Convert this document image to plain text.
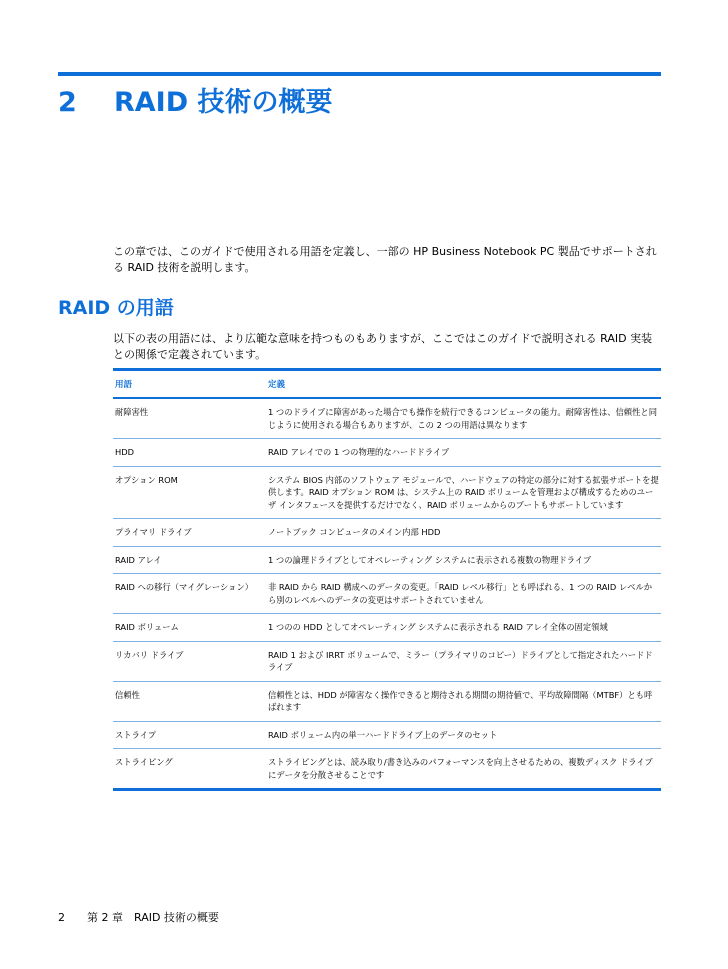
2 RAID 技術の概要
この章では、このガイドで使用される用語を定義し、一部の HP Business Notebook PC 製品でサポートされる RAID 技術を説明します。
RAID の用語
以下の表の用語には、より広範な意味を持つものもありますが、ここではこのガイドで説明される RAID 実装との関係で定義されています。
用語	定義
耐障害性	1 つのドライブに障害があった場合でも操作を続行できるコンピュータの能力。耐障害性は、信頼性と同じように使用される場合もありますが、この 2 つの用語は異なります
HDD	RAID アレイでの 1 つの物理的なハードドライブ
オプション ROM	システム BIOS 内部のソフトウェア モジュールで、ハードウェアの特定の部分に対する拡張サポートを提供します。RAID オプション ROM は、システム上の RAID ボリュームを管理および構成するためのユーザ インタフェースを提供するだけでなく、RAID ボリュームからのブートもサポートしています
プライマリ ドライブ	ノートブック コンピュータのメイン内部 HDD
RAID アレイ	1 つの論理ドライブとしてオペレーティング システムに表示される複数の物理ドライブ
RAID への移行（マイグレーション）	非 RAID から RAID 構成へのデータの変更。「RAID レベル移行」とも呼ばれる、1 つの RAID レベルから別のレベルへのデータの変更はサポートされていません
RAID ボリューム	1 つのの HDD としてオペレーティング システムに表示される RAID アレイ全体の固定領域
リカバリ ドライブ	RAID 1 および IRRT ボリュームで、ミラー（プライマリのコピー）ドライブとして指定されたハードドライブ
信頼性	信頼性とは、HDD が障害なく操作できると期待される期間の期待値で、平均故障間隔（MTBF）とも呼ばれます
ストライプ	RAID ボリューム内の単一ハードドライブ上のデータのセット
ストライピング	ストライピングとは、読み取り/書き込みのパフォーマンスを向上させるための、複数ディスク ドライブにデータを分散させることです
2 第 2 章　RAID 技術の概要
